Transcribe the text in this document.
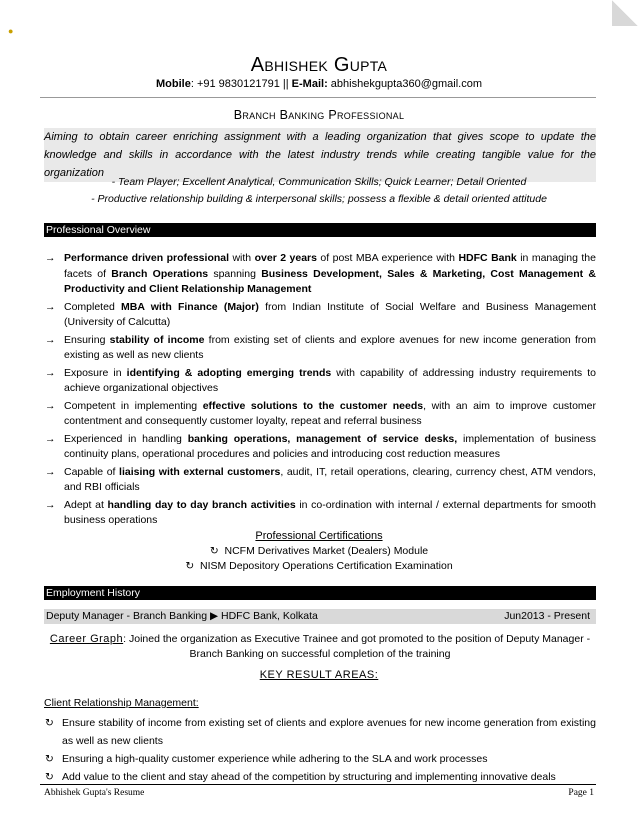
●
Abhishek Gupta
Mobile: +91 9830121791 || E-Mail: abhishekgupta360@gmail.com
Branch Banking Professional
Aiming to obtain career enriching assignment with a leading organization that gives scope to update the knowledge and skills in accordance with the latest industry trends while creating tangible value for the organization
- Team Player; Excellent Analytical, Communication Skills; Quick Learner; Detail Oriented
- Productive relationship building & interpersonal skills; possess a flexible & detail oriented attitude
Professional Overview
→ Performance driven professional with over 2 years of post MBA experience with HDFC Bank in managing the facets of Branch Operations spanning Business Development, Sales & Marketing, Cost Management & Productivity and Client Relationship Management
→ Completed MBA with Finance (Major) from Indian Institute of Social Welfare and Business Management (University of Calcutta)
→ Ensuring stability of income from existing set of clients and explore avenues for new income generation from existing as well as new clients
→ Exposure in identifying & adopting emerging trends with capability of addressing industry requirements to achieve organizational objectives
→ Competent in implementing effective solutions to the customer needs, with an aim to improve customer contentment and consequently customer loyalty, repeat and referral business
→ Experienced in handling banking operations, management of service desks, implementation of business continuity plans, operational procedures and policies and introducing cost reduction measures
→ Capable of liaising with external customers, audit, IT, retail operations, clearing, currency chest, ATM vendors, and RBI officials
→ Adept at handling day to day branch activities in co-ordination with internal / external departments for smooth business operations
Professional Certifications
↻ NCFM Derivatives Market (Dealers) Module
↻ NISM Depository Operations Certification Examination
Employment History
Deputy Manager - Branch Banking ▶ HDFC Bank, Kolkata	Jun2013 - Present
Career Graph: Joined the organization as Executive Trainee and got promoted to the position of Deputy Manager - Branch Banking on successful completion of the training
KEY RESULT AREAS:
Client Relationship Management:
↻ Ensure stability of income from existing set of clients and explore avenues for new income generation from existing as well as new clients
↻ Ensuring a high-quality customer experience while adhering to the SLA and work processes
↻ Add value to the client and stay ahead of the competition by structuring and implementing innovative deals
Abhishek Gupta's Resume	Page 1
